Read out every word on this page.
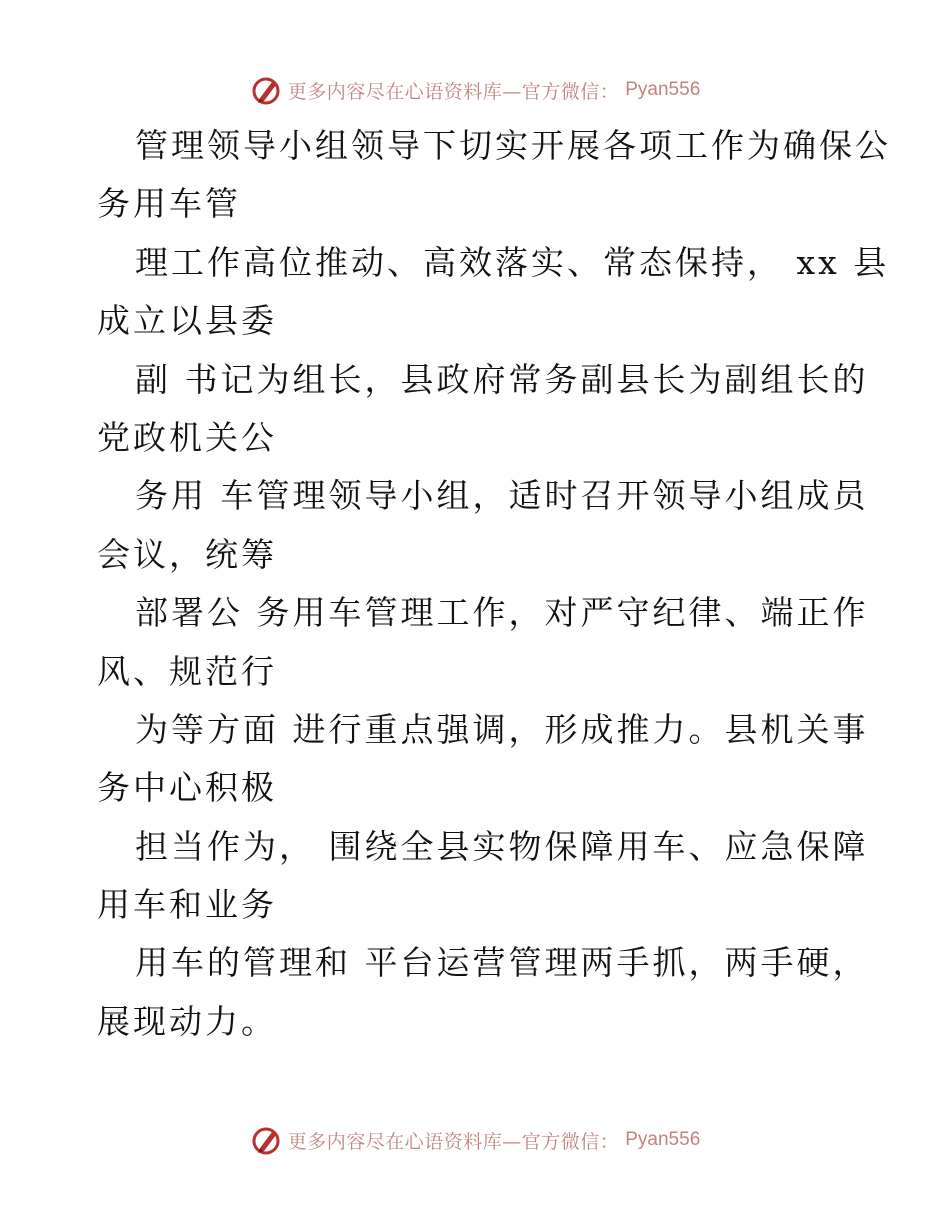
更多内容尽在心语资料库—官方微信： Pyan556
管理领导小组领导下切实开展各项工作为确保公
务用车管
理工作高位推动、高效落实、常态保持， xx 县
成立以县委
副 书记为组长，县政府常务副县长为副组长的
党政机关公
务用 车管理领导小组，适时召开领导小组成员
会议，统筹
部署公 务用车管理工作，对严守纪律、端正作
风、规范行
为等方面 进行重点强调，形成推力。县机关事
务中心积极
担当作为， 围绕全县实物保障用车、应急保障
用车和业务
用车的管理和 平台运营管理两手抓，两手硬，
展现动力。
更多内容尽在心语资料库—官方微信： Pyan556
